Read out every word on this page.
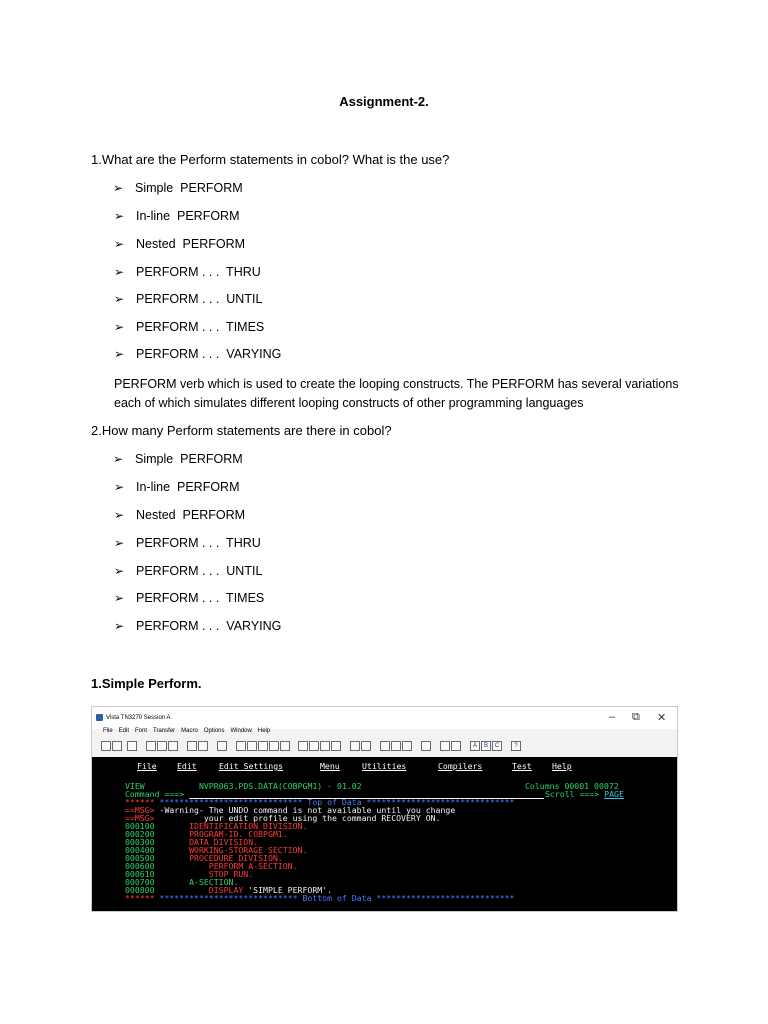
Assignment-2.
1.What are the Perform statements in cobol? What is the use?
➢ Simple  PERFORM
➢ In-line  PERFORM
➢ Nested  PERFORM
➢ PERFORM . . .  THRU
➢ PERFORM . . .  UNTIL
➢ PERFORM . . .  TIMES
➢ PERFORM . . .  VARYING
PERFORM verb which is used to create the looping constructs. The PERFORM has several variations
each of which simulates different looping constructs of other programming languages
2.How many Perform statements are there in cobol?
➢ Simple  PERFORM
➢ In-line  PERFORM
➢ Nested  PERFORM
➢ PERFORM . . .  THRU
➢ PERFORM . . .  UNTIL
➢ PERFORM . . .  TIMES
➢ PERFORM . . .  VARYING
1.Simple Perform.
Vista TN3270 Session A	– ⧉ ✕
File Edit Font Transfer Macro Options Window Help
A	B	C	?
File Edit	Edit_Settings	Menu	Utilities	Compilers	Test Help
VIEW	NVPR063.PDS.DATA(COBPGM1) - 01.02	Columns 00001 00072
Command ===>	Scroll ===> PAGE
****** ***************************** Top of Data ******************************
==MSG> -Warning- The UNDO command is not available until you change
==MSG>          your edit profile using the command RECOVERY ON.
000100       IDENTIFICATION DIVISION.
000200       PROGRAM-ID. COBPGM1.
000300       DATA DIVISION.
000400       WORKING-STORAGE SECTION.
000500       PROCEDURE DIVISION.
000600           PERFORM A-SECTION.
000610           STOP RUN.
000700       A-SECTION.
000800           DISPLAY 'SIMPLE PERFORM'.
****** **************************** Bottom of Data ****************************
